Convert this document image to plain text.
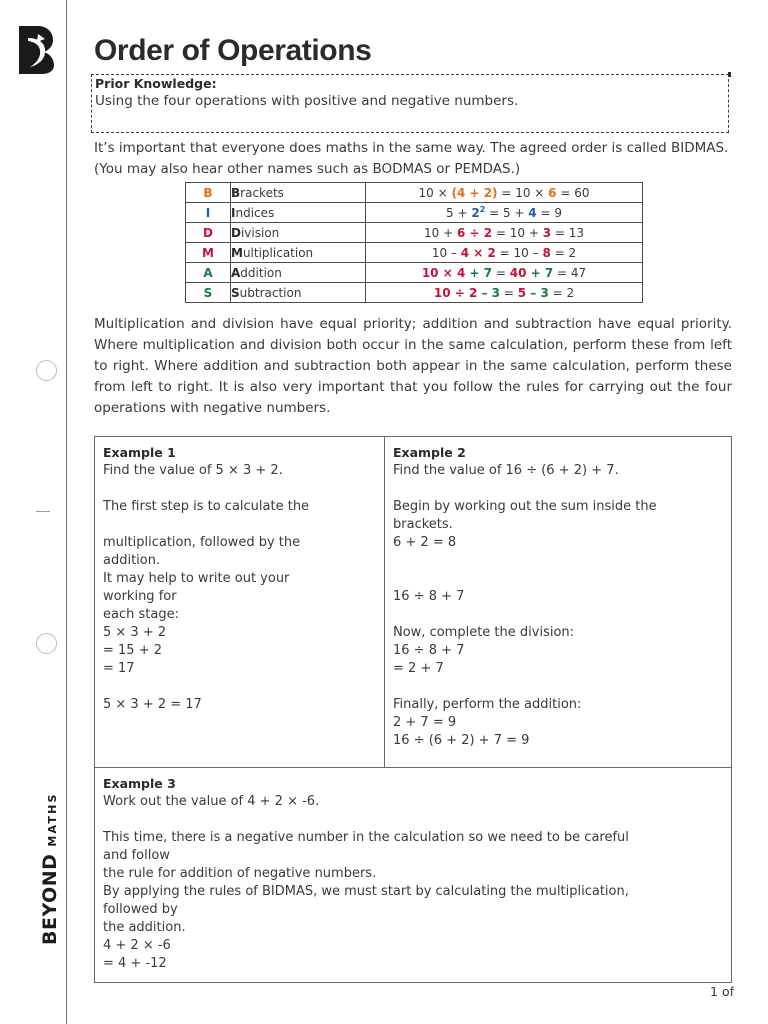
BEYOND
MATHS
Order of Operations
Prior Knowledge:
Using the four operations with positive and negative numbers.
It’s important that everyone does maths in the same way. The agreed order is called BIDMAS. (You may also hear other names such as BODMAS or PEMDAS.)
B	Brackets	10 × (4 + 2) = 10 × 6 = 60
I	Indices	$5 + 2^2 = 5 + 4 = 9$
D	Division	10 + 6 ÷ 2 = 10 + 3 = 13
M	Multiplication	10 – 4 × 2 = 10 – 8 = 2
A	Addition	10 × 4 + 7 = 40 + 7 = 47
S	Subtraction	10 ÷ 2 – 3 = 5 – 3 = 2
Multiplication and division have equal priority; addition and subtraction have equal priority. Where multiplication and division both occur in the same calculation, perform these from left to right. Where addition and subtraction both appear in the same calculation, perform these from left to right. It is also very important that you follow the rules for carrying out the four operations with negative numbers.
Example 1
Find the value of 5 × 3 + 2.
The first step is to calculate the
multiplication, followed by the
addition.
It may help to write out your
working for
each stage:
5 × 3 + 2
= 15 + 2
= 17
5 × 3 + 2 = 17
Example 2
Find the value of 16 ÷ (6 + 2) + 7.
Begin by working out the sum inside the
brackets.
6 + 2 = 8
16 ÷ 8 + 7
Now, complete the division:
16 ÷ 8 + 7
= 2 + 7
Finally, perform the addition:
2 + 7 = 9
16 ÷ (6 + 2) + 7 = 9
Example 3
Work out the value of 4 + 2 × -6.
This time, there is a negative number in the calculation so we need to be careful
and follow
the rule for addition of negative numbers.
By applying the rules of BIDMAS, we must start by calculating the multiplication,
followed by
the addition.
4 + 2 × -6
= 4 + -12
1 of
